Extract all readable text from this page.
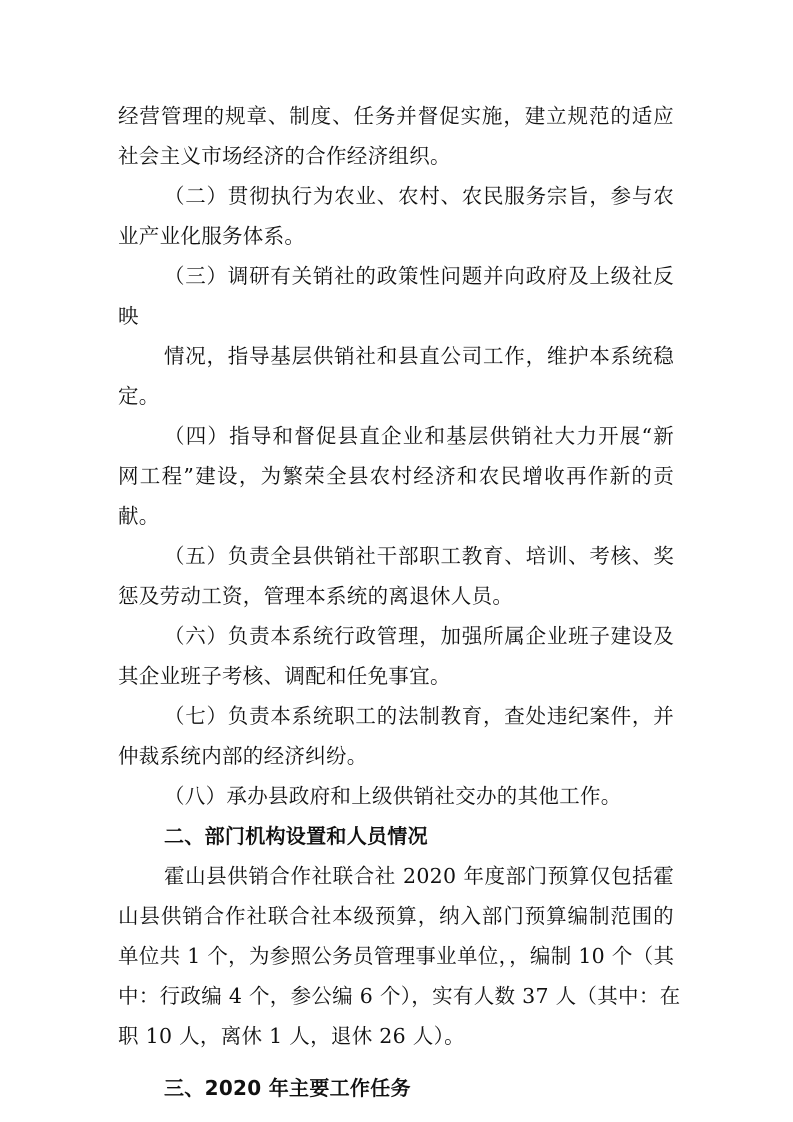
经营管理的规章、制度、任务并督促实施，建立规范的适应
社会主义市场经济的合作经济组织。
（二）贯彻执行为农业、农村、农民服务宗旨，参与农
业产业化服务体系。
（三）调研有关销社的政策性问题并向政府及上级社反
映
情况，指导基层供销社和县直公司工作，维护本系统稳
定。
（四）指导和督促县直企业和基层供销社大力开展“新
网工程”建设，为繁荣全县农村经济和农民增收再作新的贡
献。
（五）负责全县供销社干部职工教育、培训、考核、奖
惩及劳动工资，管理本系统的离退休人员。
（六）负责本系统行政管理，加强所属企业班子建设及
其企业班子考核、调配和任免事宜。
（七）负责本系统职工的法制教育，查处违纪案件，并
仲裁系统内部的经济纠纷。
（八）承办县政府和上级供销社交办的其他工作。
二、部门机构设置和人员情况
霍山县供销合作社联合社 2020 年度部门预算仅包括霍
山县供销合作社联合社本级预算，纳入部门预算编制范围的
单位共 1 个，为参照公务员管理事业单位，，编制 10 个（其
中：行政编 4 个，参公编 6 个），实有人数 37 人（其中：在
职 10 人，离休 1 人，退休 26 人）。
三、2020 年主要工作任务
